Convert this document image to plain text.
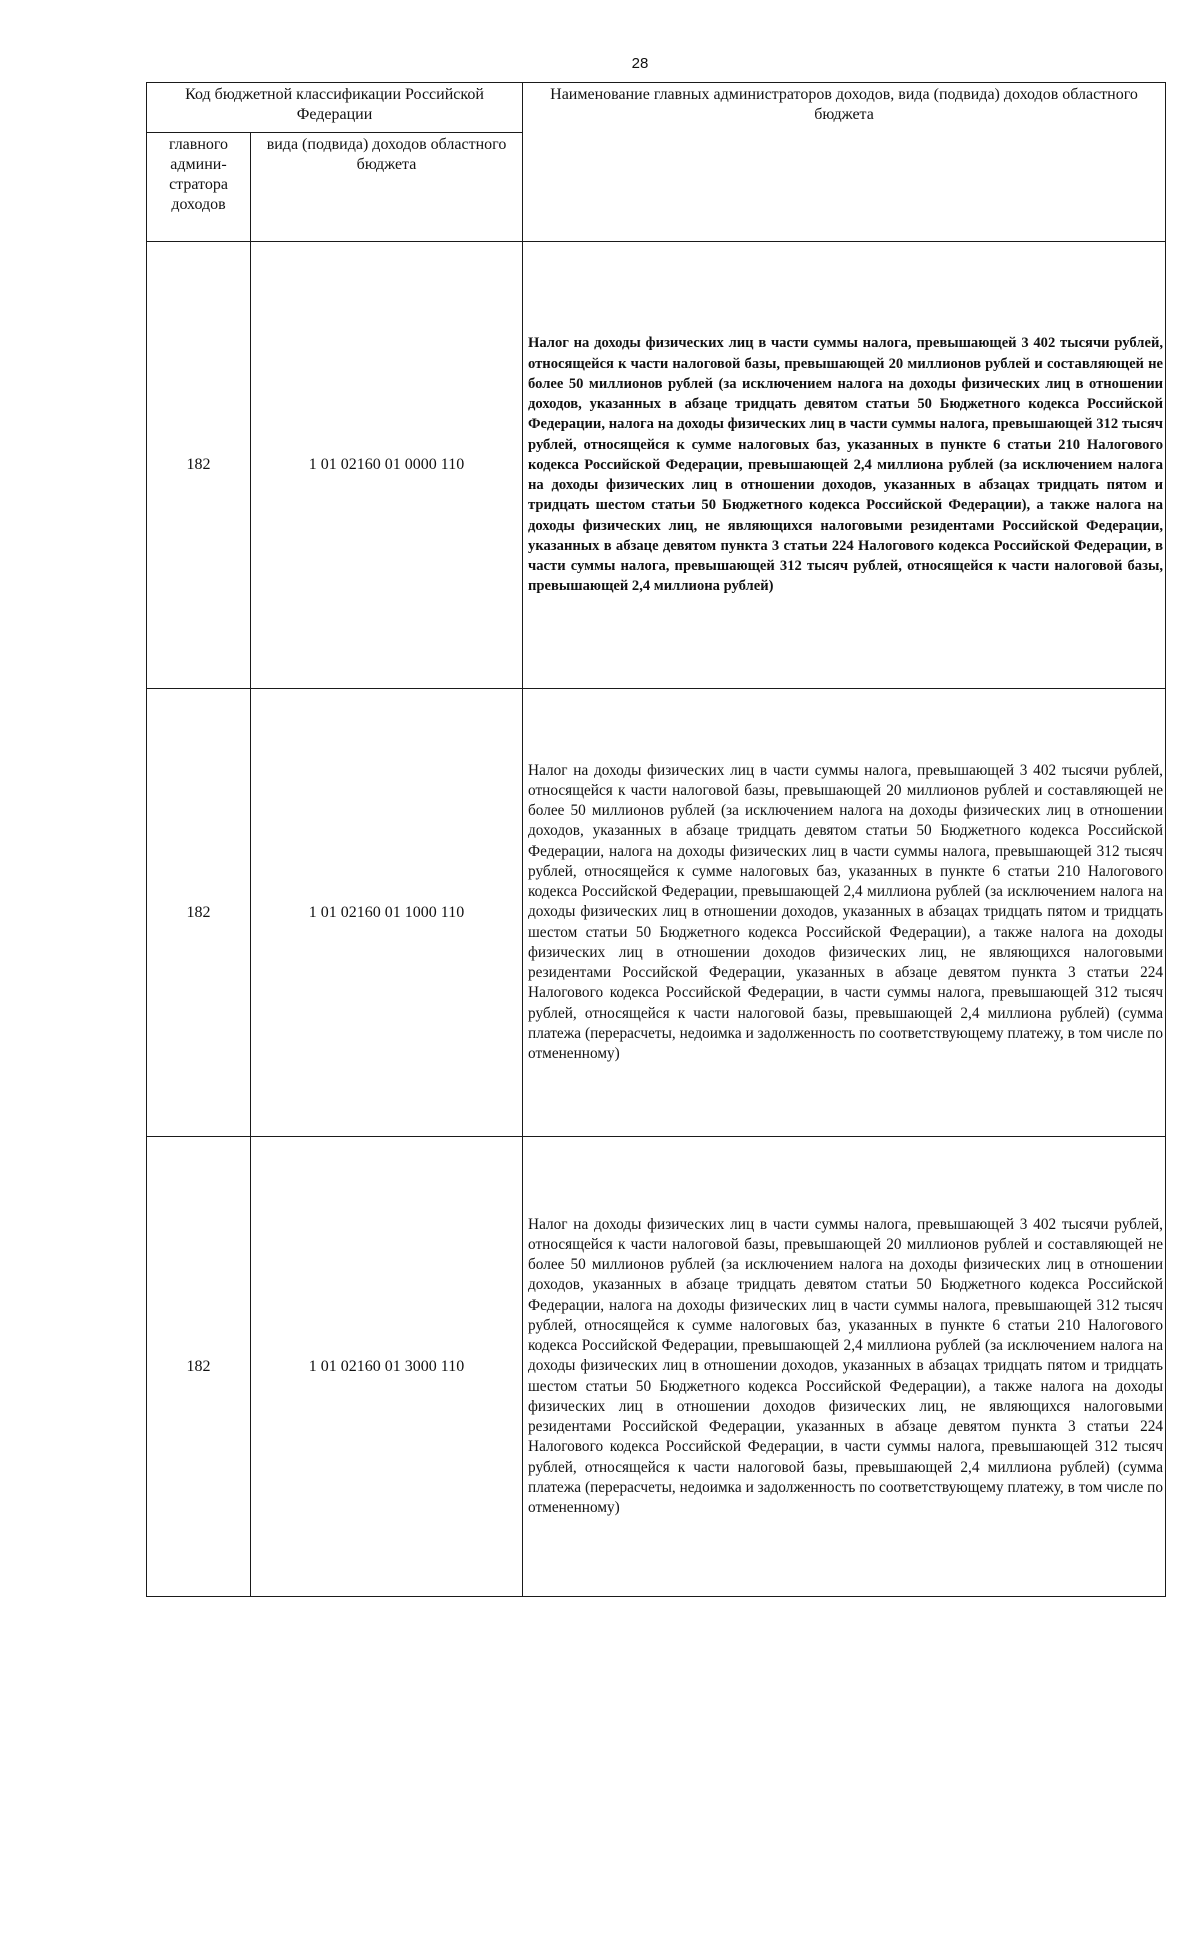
28
Код бюджетной классификации Российской Федерации		Наименование главных администраторов доходов, вида (подвида) доходов областного бюджета

главного админи-стратора доходов	вида (подвида) доходов областного бюджета	

182	1 01 02160 01 0000 110	Налог на доходы физических лиц в части суммы налога, превышающей 3 402 тысячи рублей, относящейся к части налоговой базы, превышающей 20 миллионов рублей и составляющей не более 50 миллионов рублей (за исключением налога на доходы физических лиц в отношении доходов, указанных в абзаце тридцать девятом статьи 50 Бюджетного кодекса Российской Федерации, налога на доходы физических лиц в части суммы налога, превышающей 312 тысяч рублей, относящейся к сумме налоговых баз, указанных в пункте 6 статьи 210 Налогового кодекса Российской Федерации, превышающей 2,4 миллиона рублей (за исключением налога на доходы физических лиц в отношении доходов, указанных в абзацах тридцать пятом и тридцать шестом статьи 50 Бюджетного кодекса Российской Федерации), а также налога на доходы физических лиц, не являющихся налоговыми резидентами Российской Федерации, указанных в абзаце девятом пункта 3 статьи 224 Налогового кодекса Российской Федерации, в части суммы налога, превышающей 312 тысяч рублей, относящейся к части налоговой базы, превышающей 2,4 миллиона рублей)

182	1 01 02160 01 1000 110	Налог на доходы физических лиц в части суммы налога, превышающей 3 402 тысячи рублей, относящейся к части налоговой базы, превышающей 20 миллионов рублей и составляющей не более 50 миллионов рублей (за исключением налога на доходы физических лиц в отношении доходов, указанных в абзаце тридцать девятом статьи 50 Бюджетного кодекса Российской Федерации, налога на доходы физических лиц в части суммы налога, превышающей 312 тысяч рублей, относящейся к сумме налоговых баз, указанных в пункте 6 статьи 210 Налогового кодекса Российской Федерации, превышающей 2,4 миллиона рублей (за исключением налога на доходы физических лиц в отношении доходов, указанных в абзацах тридцать пятом и тридцать шестом статьи 50 Бюджетного кодекса Российской Федерации), а также налога на доходы физических лиц в отношении доходов физических лиц, не являющихся налоговыми резидентами Российской Федерации, указанных в абзаце девятом пункта 3 статьи 224 Налогового кодекса Российской Федерации, в части суммы налога, превышающей 312 тысяч рублей, относящейся к части налоговой базы, превышающей 2,4 миллиона рублей) (сумма платежа (перерасчеты, недоимка и задолженность по соответствующему платежу, в том числе по отмененному)

182	1 01 02160 01 3000 110	Налог на доходы физических лиц в части суммы налога, превышающей 3 402 тысячи рублей, относящейся к части налоговой базы, превышающей 20 миллионов рублей и составляющей не более 50 миллионов рублей (за исключением налога на доходы физических лиц в отношении доходов, указанных в абзаце тридцать девятом статьи 50 Бюджетного кодекса Российской Федерации, налога на доходы физических лиц в части суммы налога, превышающей 312 тысяч рублей, относящейся к сумме налоговых баз, указанных в пункте 6 статьи 210 Налогового кодекса Российской Федерации, превышающей 2,4 миллиона рублей (за исключением налога на доходы физических лиц в отношении доходов, указанных в абзацах тридцать пятом и тридцать шестом статьи 50 Бюджетного кодекса Российской Федерации), а также налога на доходы физических лиц в отношении доходов физических лиц, не являющихся налоговыми резидентами Российской Федерации, указанных в абзаце девятом пункта 3 статьи 224 Налогового кодекса Российской Федерации, в части суммы налога, превышающей 312 тысяч рублей, относящейся к части налоговой базы, превышающей 2,4 миллиона рублей) (сумма платежа (перерасчеты, недоимка и задолженность по соответствующему платежу, в том числе по отмененному)
